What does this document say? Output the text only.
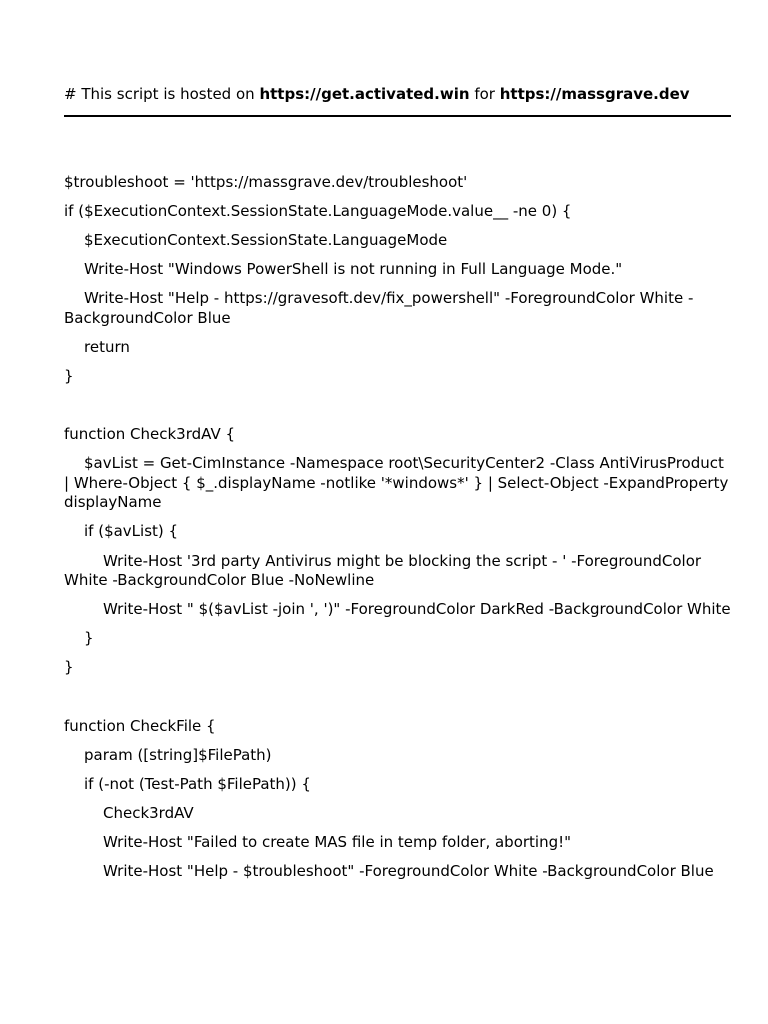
# This script is hosted on https://get.activated.win for https://massgrave.dev
$troubleshoot = 'https://massgrave.dev/troubleshoot'
if ($ExecutionContext.SessionState.LanguageMode.value__ -ne 0) {
$ExecutionContext.SessionState.LanguageMode
Write-Host "Windows PowerShell is not running in Full Language Mode."
Write-Host "Help - https://gravesoft.dev/fix_powershell" -ForegroundColor White -BackgroundColor Blue
return
}
function Check3rdAV {
$avList = Get-CimInstance -Namespace root\SecurityCenter2 -Class AntiVirusProduct | Where-Object { $_.displayName -notlike '*windows*' } | Select-Object -ExpandProperty displayName
if ($avList) {
Write-Host '3rd party Antivirus might be blocking the script - ' -ForegroundColor White -BackgroundColor Blue -NoNewline
Write-Host " $($avList -join ', ')" -ForegroundColor DarkRed -BackgroundColor White
}
}
function CheckFile {
param ([string]$FilePath)
if (-not (Test-Path $FilePath)) {
Check3rdAV
Write-Host "Failed to create MAS file in temp folder, aborting!"
Write-Host "Help - $troubleshoot" -ForegroundColor White -BackgroundColor Blue
